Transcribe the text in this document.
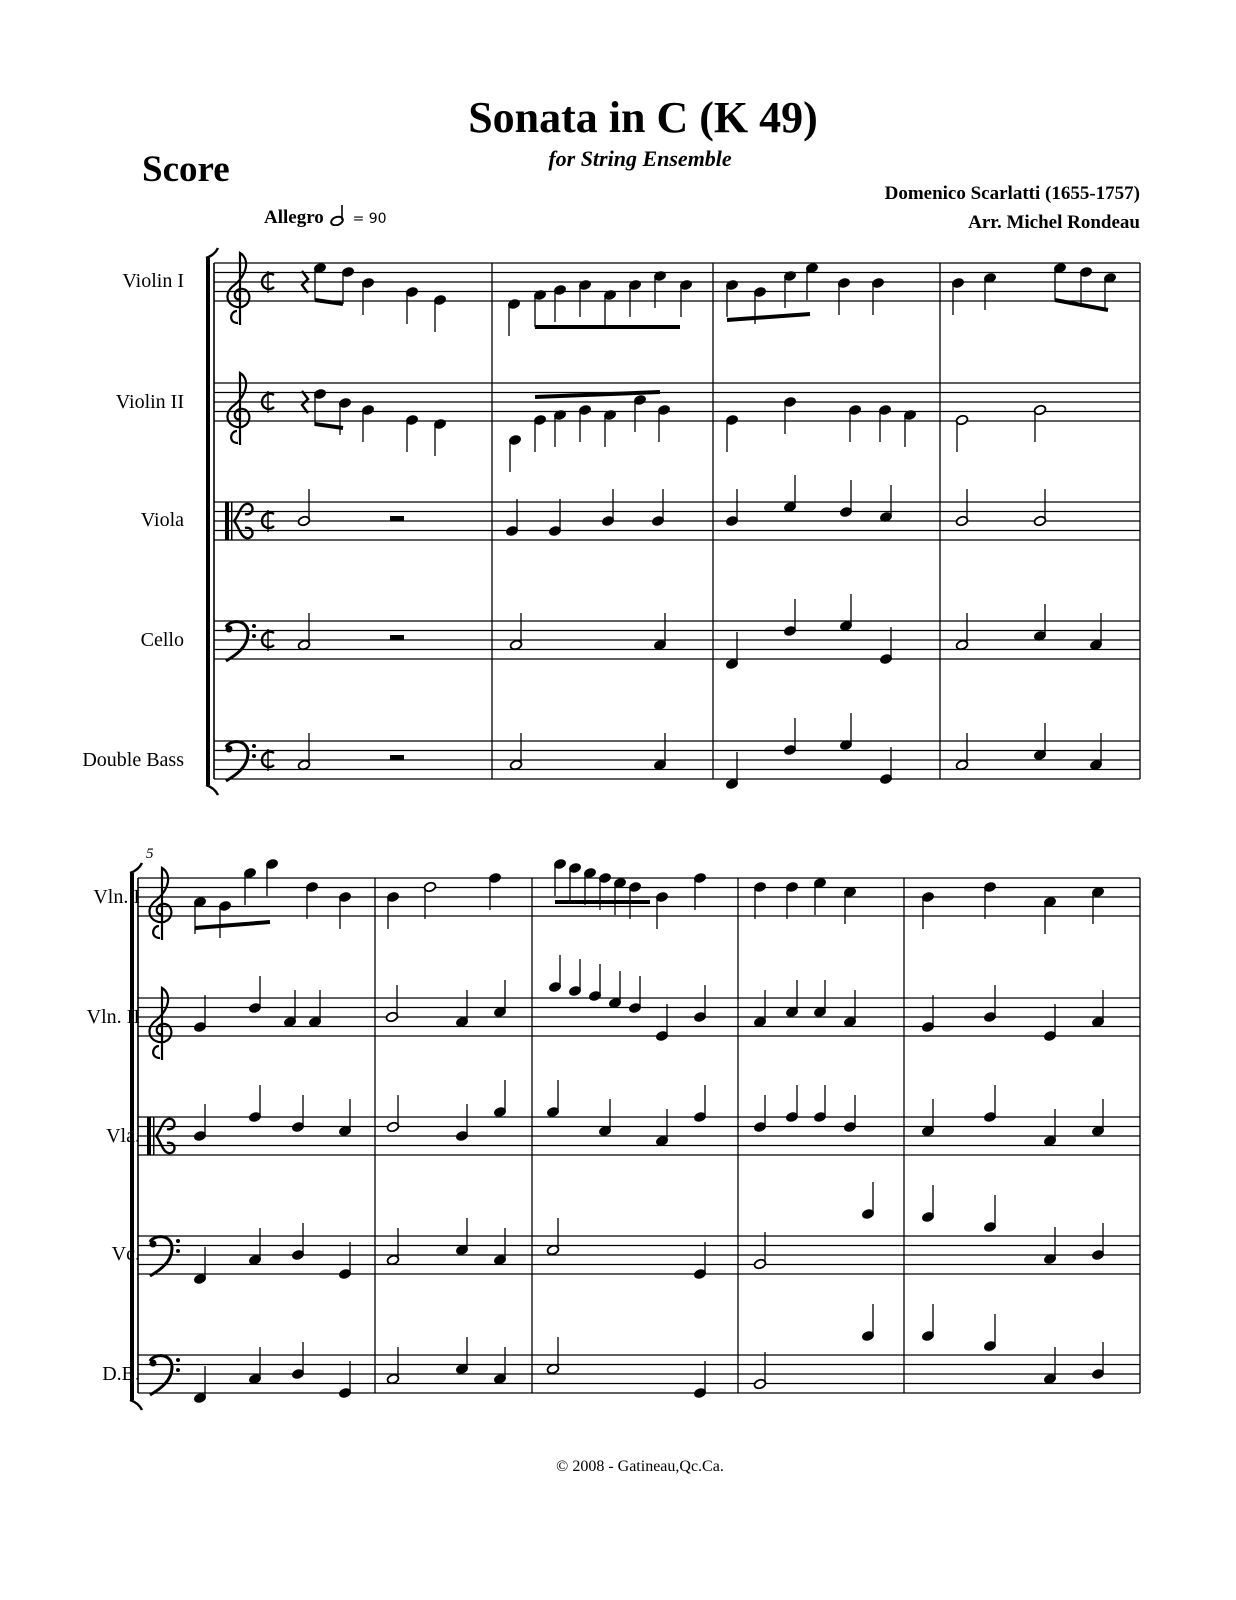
Sonata in C (K 49)
for String Ensemble
Score
Domenico Scarlatti (1655-1757)
Arr. Michel Rondeau
Allegro = 90
Violin I
Violin II
Viola
Cello
Double Bass
Vln. I
Vln. II
Vla.
Vc.
D.B.
5
© 2008 - Gatineau,Qc.Ca.
